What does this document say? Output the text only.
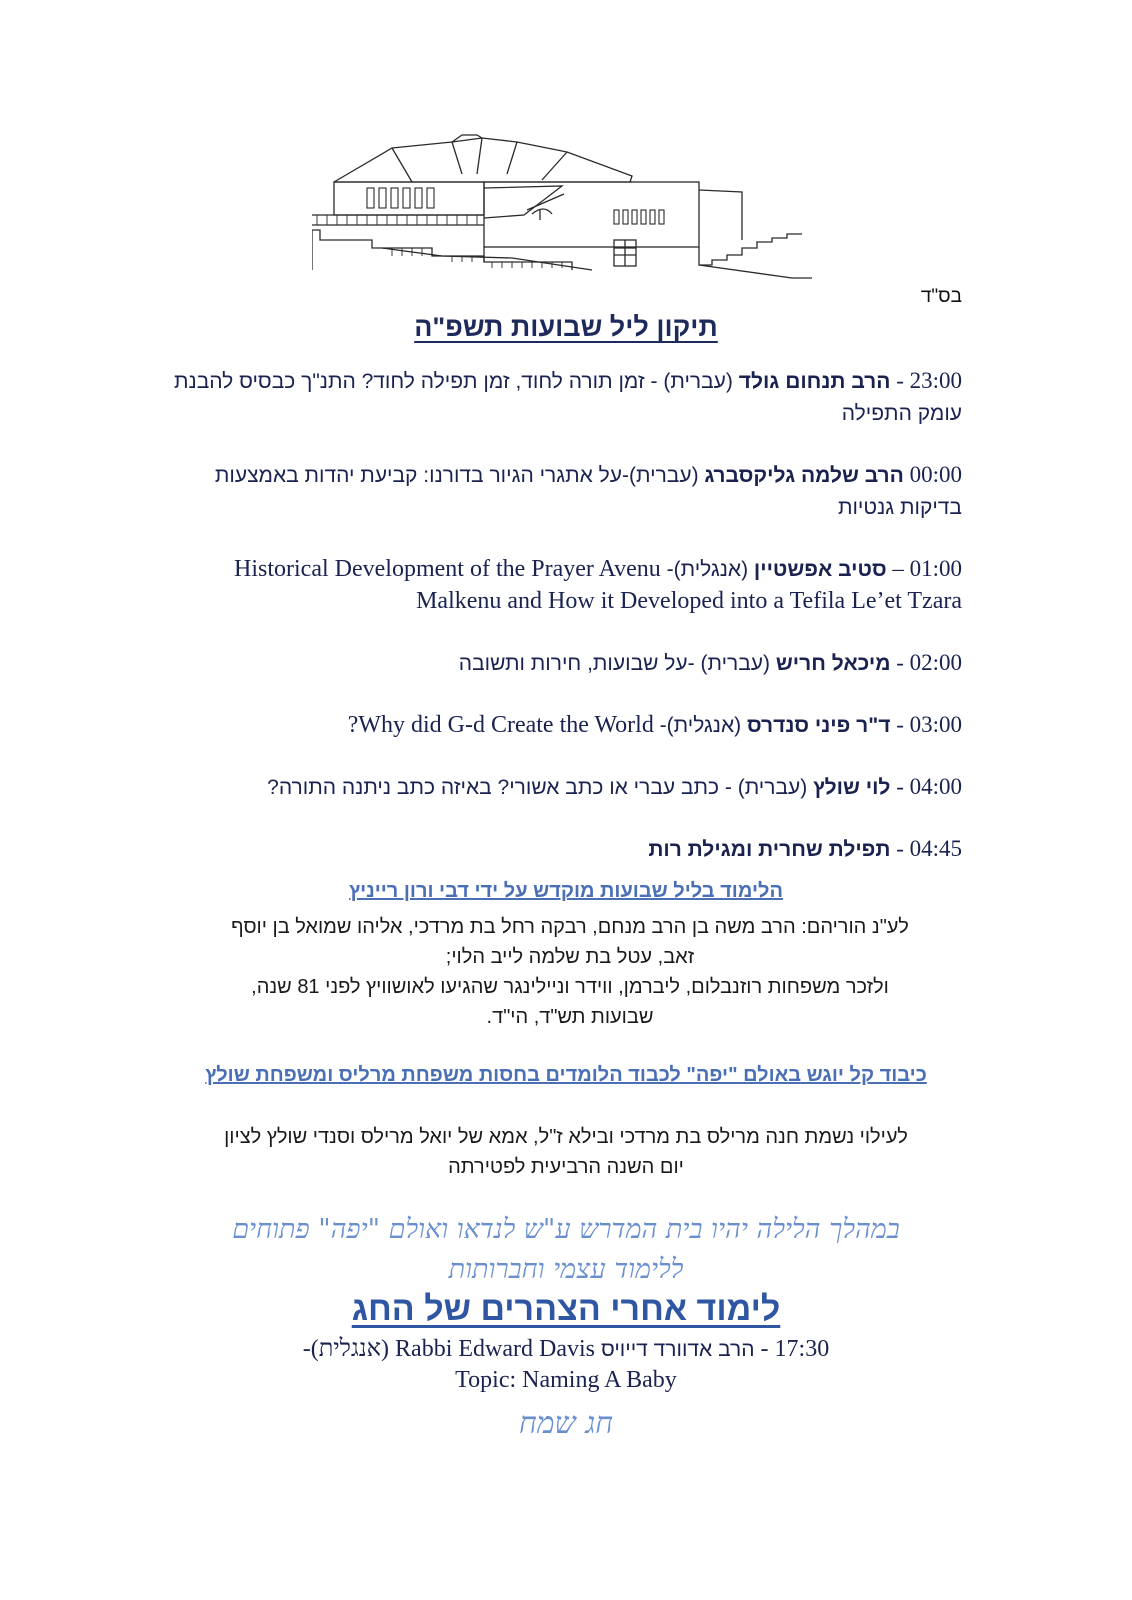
בס"ד
תיקון ליל שבועות תשפ"ה
23:00 - הרב תנחום גולד (עברית) - זמן תורה לחוד, זמן תפילה לחוד? התנ"ך כבסיס להבנת עומק התפילה
00:00 הרב שלמה גליקסברג (עברית)-על אתגרי הגיור בדורנו: קביעת יהדות באמצעות בדיקות גנטיות
01:00 – סטיב אפשטיין (אנגלית)- Historical Development of the Prayer Avenu Malkenu and How it Developed into a Tefila Le’et Tzara
02:00 - מיכאל חריש (עברית) -על שבועות, חירות ותשובה
03:00 - ד"ר פיני סנדרס (אנגלית)- Why did G-d Create the World?
04:00 - לוי שולץ (עברית) - כתב עברי או כתב אשורי? באיזה כתב ניתנה התורה?
04:45 - תפילת שחרית ומגילת רות
הלימוד בליל שבועות מוקדש על ידי דבי ורון רייניץ
לע"נ הוריהם: הרב משה בן הרב מנחם, רבקה רחל בת מרדכי, אליהו שמואל בן יוסף
זאב, עטל בת שלמה לייב הלוי;
ולזכר משפחות רוזנבלום, ליברמן, ווידר וניילינגר שהגיעו לאושוויץ לפני 81 שנה,
שבועות תש"ד, הי"ד.
כיבוד קל יוגש באולם "יפה" לכבוד הלומדים בחסות משפחת מרליס ומשפחת שולץ
לעילוי נשמת חנה מרילס בת מרדכי ובילא ז"ל, אמא של יואל מריל​ס וסנדי שולץ לציון
יום השנה הרביעית לפטירתה
במהלך הלילה יהיו בית המדרש ע"ש לנדאו ואולם "יפה" פתוחים
ללימוד עצמי וחברותות
לימוד אחרי הצהרים של החג
17:30 - הרב אדוורד דייויס Rabbi Edward Davis (אנגלית)-
Topic: Naming A Baby
חג שמח
